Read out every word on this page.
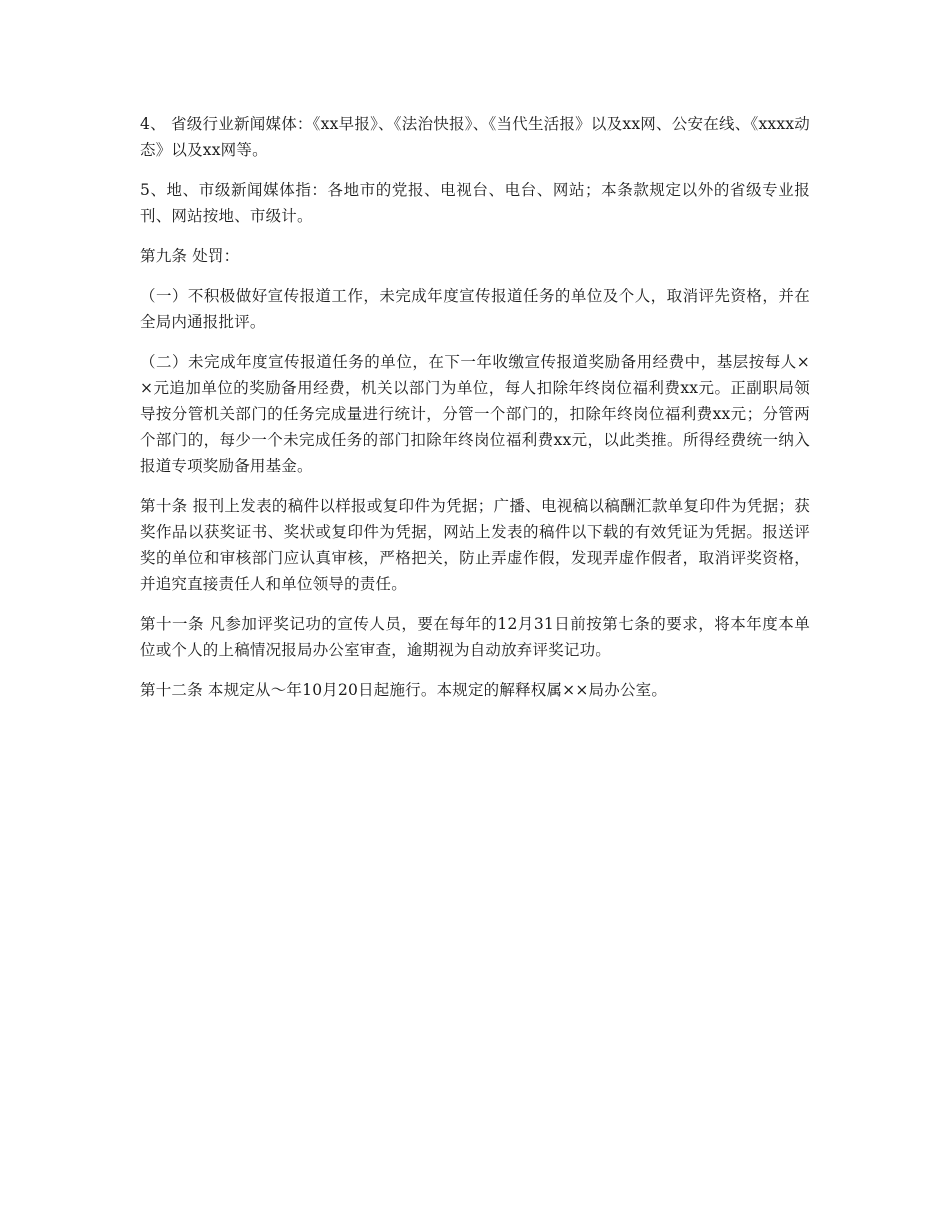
4、 省级行业新闻媒体：《xx早报》、《法治快报》、《当代生活报》以及xx网、公安在线、《xxxx动态》以及xx网等。

5、地、市级新闻媒体指：各地市的党报、电视台、电台、网站；本条款规定以外的省级专业报刊、网站按地、市级计。

第九条 处罚：

（一）不积极做好宣传报道工作，未完成年度宣传报道任务的单位及个人，取消评先资格，并在全局内通报批评。

（二）未完成年度宣传报道任务的单位，在下一年收缴宣传报道奖励备用经费中，基层按每人××元追加单位的奖励备用经费，机关以部门为单位，每人扣除年终岗位福利费xx元。正副职局领导按分管机关部门的任务完成量进行统计，分管一个部门的，扣除年终岗位福利费xx元；分管两个部门的，每少一个未完成任务的部门扣除年终岗位福利费xx元，以此类推。所得经费统一纳入报道专项奖励备用基金。

第十条 报刊上发表的稿件以样报或复印件为凭据；广播、电视稿以稿酬汇款单复印件为凭据；获奖作品以获奖证书、奖状或复印件为凭据，网站上发表的稿件以下载的有效凭证为凭据。报送评奖的单位和审核部门应认真审核，严格把关，防止弄虚作假，发现弄虚作假者，取消评奖资格，并追究直接责任人和单位领导的责任。

第十一条 凡参加评奖记功的宣传人员，要在每年的12月31日前按第七条的要求，将本年度本单位或个人的上稿情况报局办公室审查，逾期视为自动放弃评奖记功。

第十二条 本规定从～年10月20日起施行。本规定的解释权属××局办公室。
